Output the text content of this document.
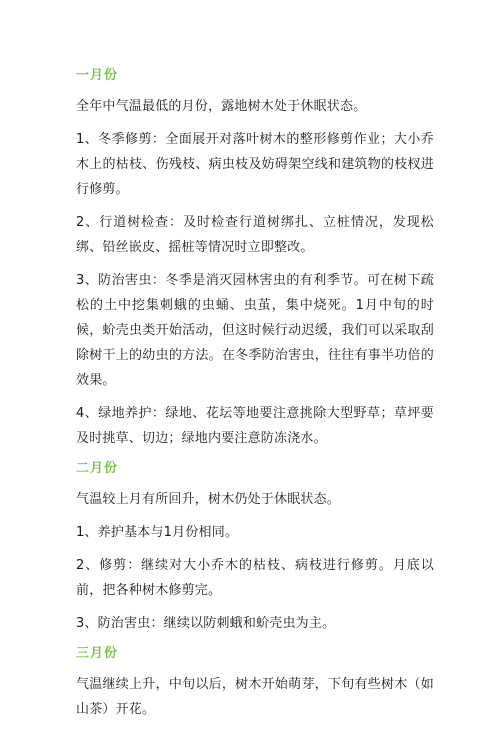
一月份

全年中气温最低的月份，露地树木处于休眠状态。

1、冬季修剪：全面展开对落叶树木的整形修剪作业；大小乔木上的枯枝、伤残枝、病虫枝及妨碍架空线和建筑物的枝杈进行修剪。

2、行道树检查：及时检查行道树绑扎、立桩情况，发现松绑、铅丝嵌皮、摇桩等情况时立即整改。

3、防治害虫：冬季是消灭园林害虫的有利季节。可在树下疏松的土中挖集刺蛾的虫蛹、虫茧，集中烧死。1月中旬的时候，蚧壳虫类开始活动，但这时候行动迟缓，我们可以采取刮除树干上的幼虫的方法。在冬季防治害虫，往往有事半功倍的效果。

4、绿地养护：绿地、花坛等地要注意挑除大型野草；草坪要及时挑草、切边；绿地内要注意防冻浇水。

二月份

气温较上月有所回升，树木仍处于休眠状态。

1、养护基本与1月份相同。

2、修剪：继续对大小乔木的枯枝、病枝进行修剪。月底以前，把各种树木修剪完。

3、防治害虫：继续以防刺蛾和蚧壳虫为主。

三月份

气温继续上升，中旬以后，树木开始萌芽，下旬有些树木（如山茶）开花。
